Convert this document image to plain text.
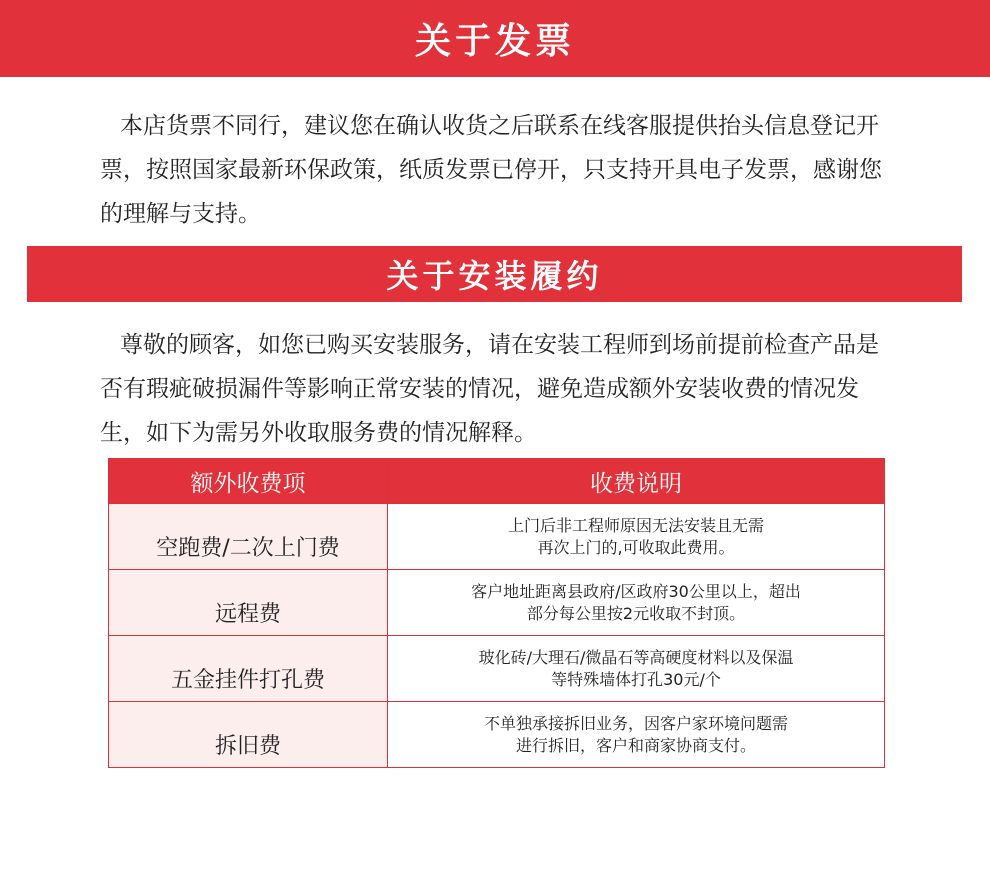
关于发票

本店货票不同行，建议您在确认收货之后联系在线客服提供抬头信息登记开票，按照国家最新环保政策，纸质发票已停开，只支持开具电子发票，感谢您的理解与支持。

关于安装履约

尊敬的顾客，如您已购买安装服务，请在安装工程师到场前提前检查产品是否有瑕疵破损漏件等影响正常安装的情况，避免造成额外安装收费的情况发生，如下为需另外收取服务费的情况解释。

额外收费项	收费说明
空跑费/二次上门费	上门后非工程师原因无法安装且无需
再次上门的,可收取此费用。

远程费	客户地址距离县政府/区政府30公里以上，超出
部分每公里按2元收取不封顶。

五金挂件打孔费	玻化砖/大理石/微晶石等高硬度材料以及保温
等特殊墙体打孔30元/个

拆旧费	不单独承接拆旧业务，因客户家环境问题需
进行拆旧，客户和商家协商支付。
